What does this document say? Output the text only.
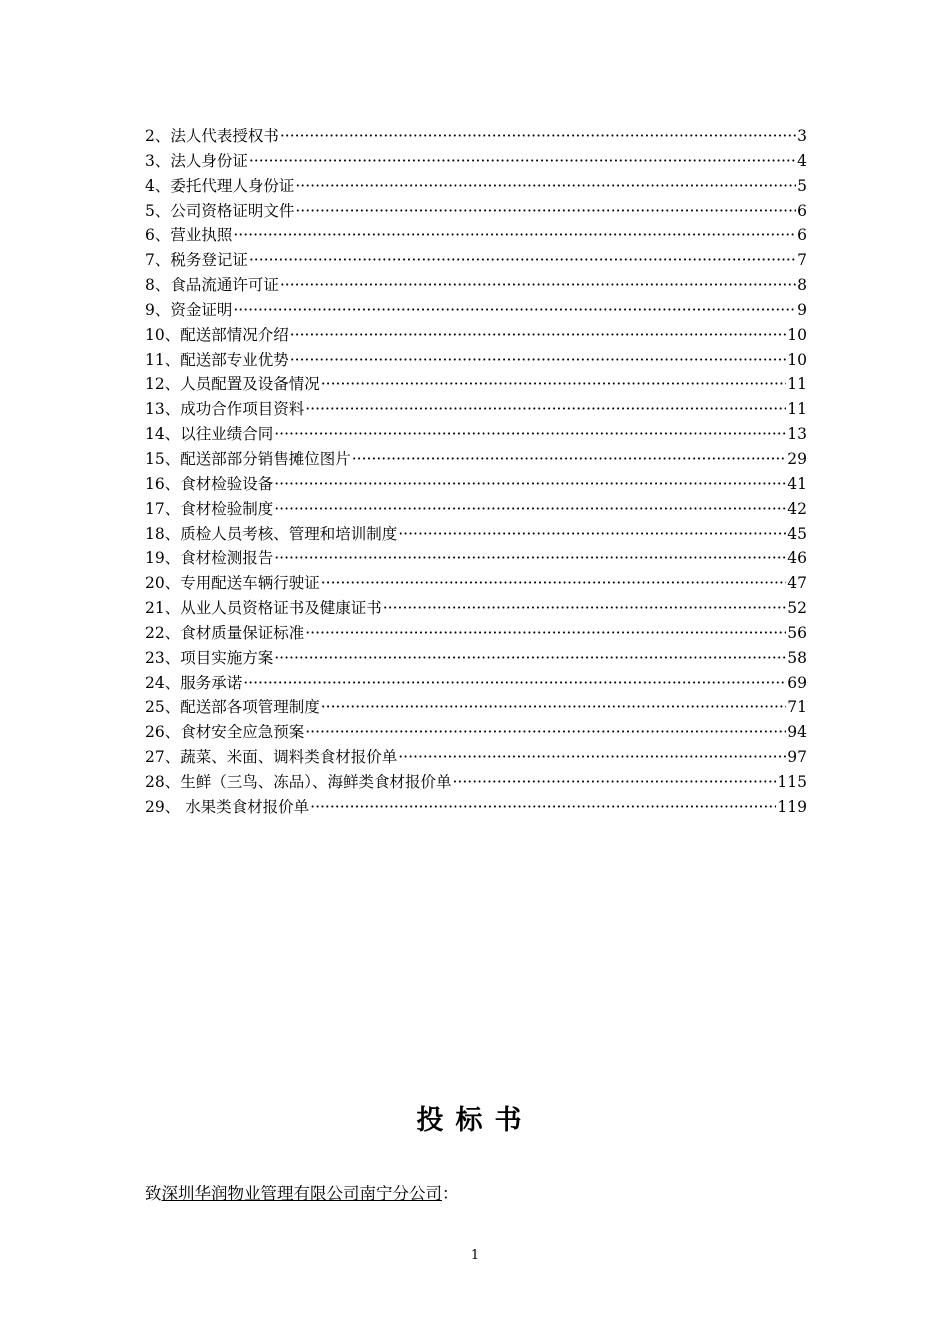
2、法人代表授权书 ·····	3
3、法人身份证 ·····	4
4、委托代理人身份证 ·····	5
5、公司资格证明文件 ·····	6
6、营业执照 ·····	6
7、税务登记证 ·····	7
8、食品流通许可证 ·····	8
9、资金证明 ·····	9
10、配送部情况介绍 ·····	10
11、配送部专业优势 ·····	10
12、人员配置及设备情况 ·····	11
13、成功合作项目资料 ·····	11
14、以往业绩合同 ·····	13
15、配送部部分销售摊位图片 ·····	29
16、食材检验设备 ·····	41
17、食材检验制度 ·····	42
18、质检人员考核、管理和培训制度 ·····	45
19、食材检测报告 ·····	46
20、专用配送车辆行驶证 ·····	47
21、从业人员资格证书及健康证书 ·····	52
22、食材质量保证标准 ·····	56
23、项目实施方案 ·····	58
24、服务承诺 ·····	69
25、配送部各项管理制度 ·····	71
26、食材安全应急预案 ·····	94
27、蔬菜、米面、调料类食材报价单 ·····	97
28、生鲜（三鸟、冻品）、海鲜类食材报价单 ·····	115
29、 水果类食材报价单 ·····	119
投标书
致深圳华润物业管理有限公司南宁分公司：
1
